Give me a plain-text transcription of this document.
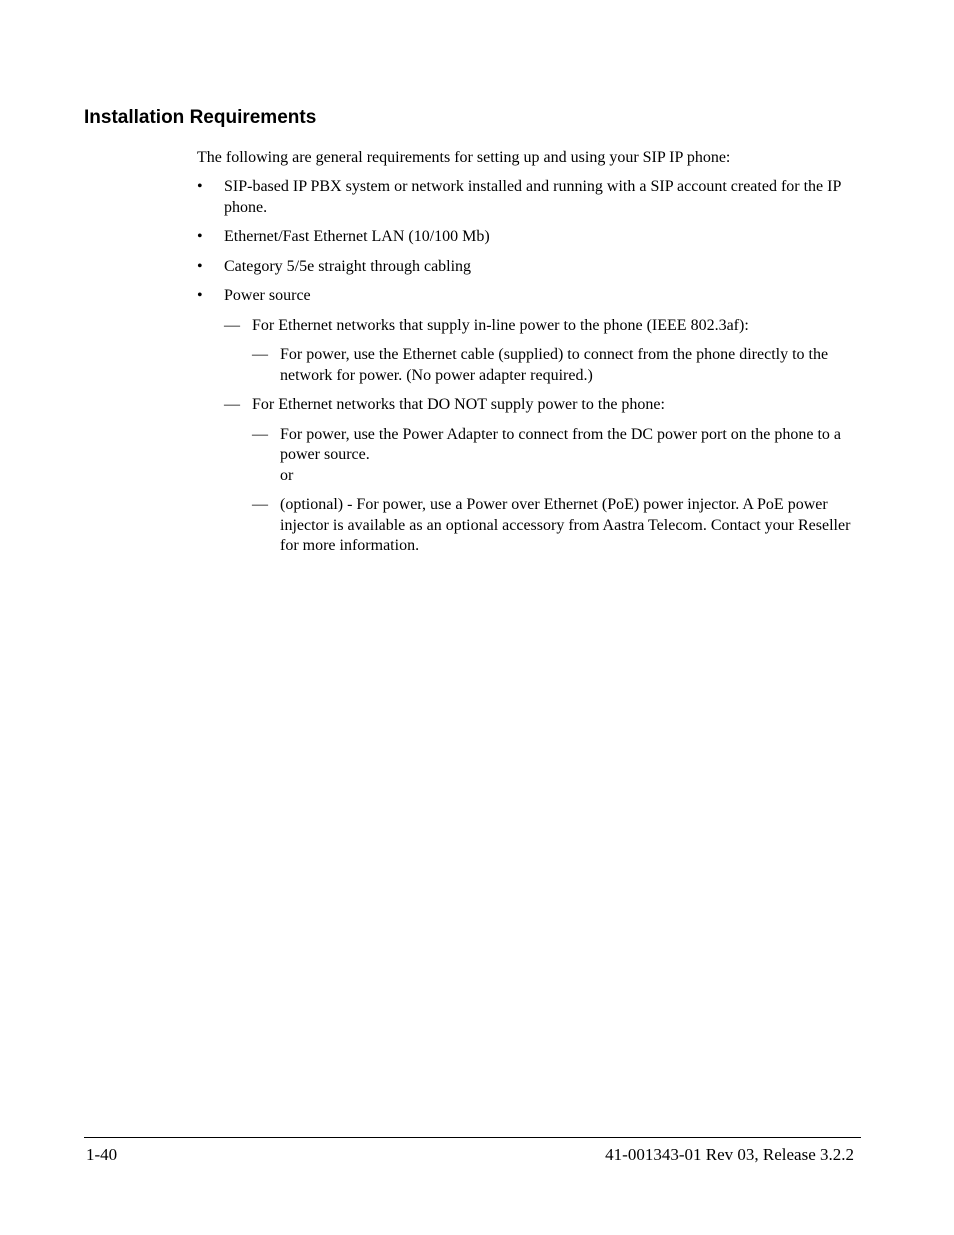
Installation Requirements

The following are general requirements for setting up and using your SIP IP phone:

• SIP-based IP PBX system or network installed and running with a SIP account created for the IP phone.
• Ethernet/Fast Ethernet LAN (10/100 Mb)
• Category 5/5e straight through cabling
• Power source
— For Ethernet networks that supply in-line power to the phone (IEEE 802.3af):
— For power, use the Ethernet cable (supplied) to connect from the phone directly to the network for power. (No power adapter required.)
— For Ethernet networks that DO NOT supply power to the phone:
— For power, use the Power Adapter to connect from the DC power port on the phone to a power source.
or
— (optional) - For power, use a Power over Ethernet (PoE) power injector. A PoE power injector is available as an optional accessory from Aastra Telecom. Contact your Reseller for more information.
1-40	41-001343-01 Rev 03, Release 3.2.2
